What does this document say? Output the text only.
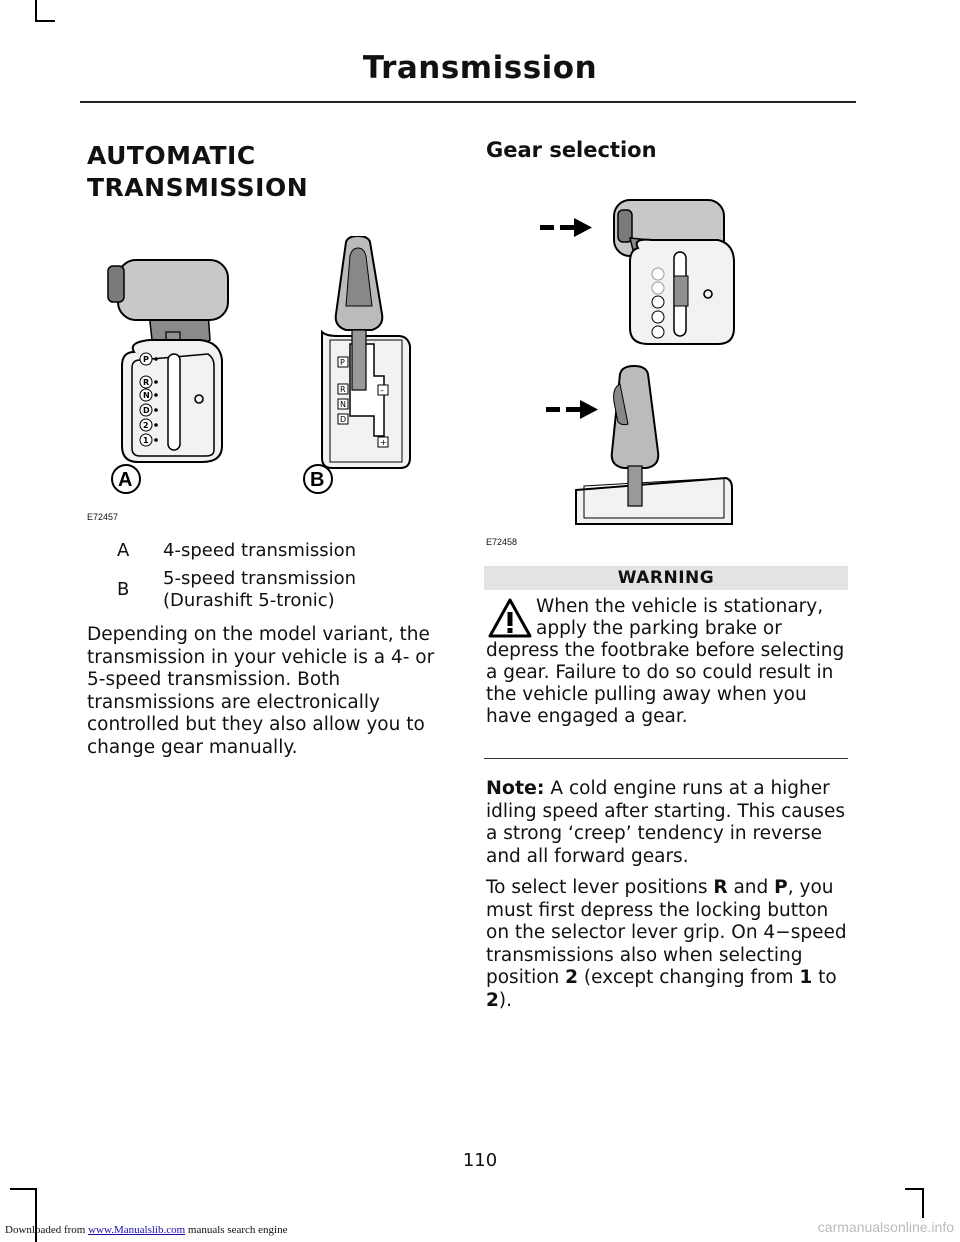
Transmission
AUTOMATIC
TRANSMISSION
A
P
R
N
D
2
1
B
P
R
N
D
–
+
E72457
A	4-speed transmission
B
5-speed transmission
(Durashift 5-tronic)
Depending on the model variant, the transmission in your vehicle is a 4- or 5-speed transmission. Both transmissions are electronically controlled but they also allow you to change gear manually.
Gear selection
E72458
WARNING
When the vehicle is stationary, apply the parking brake or depress the footbrake before selecting a gear. Failure to do so could result in the vehicle pulling away when you have engaged a gear.
Note: A cold engine runs at a higher idling speed after starting. This causes a strong ‘creep’ tendency in reverse and all forward gears.
To select lever positions R and P, you must first depress the locking button on the selector lever grip. On 4−speed transmissions also when selecting position 2 (except changing from 1 to 2).
110
Downloaded from www.Manualslib.com manuals search engine	carmanualsonline.info
